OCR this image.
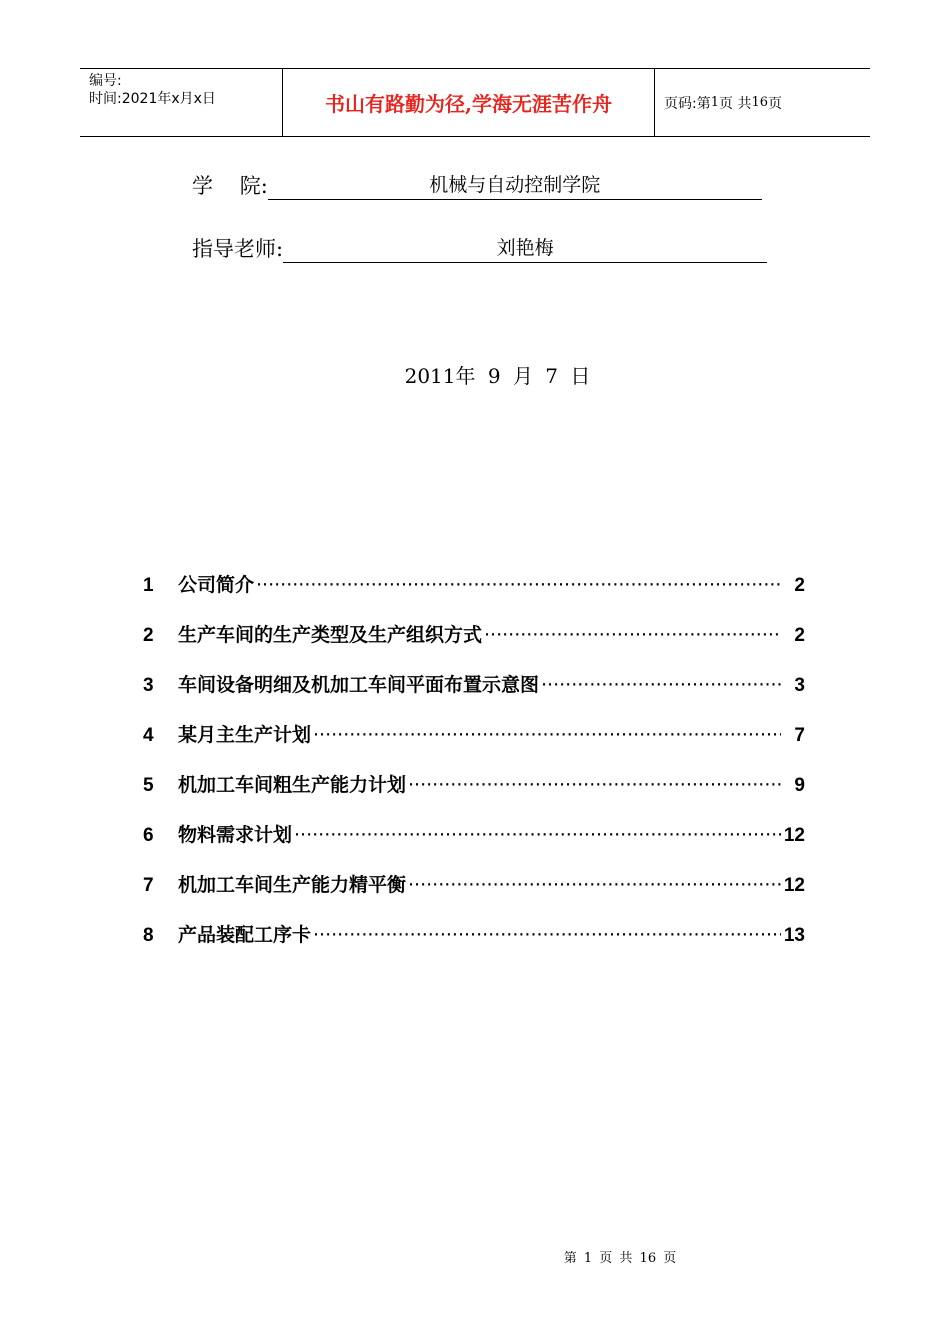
编号:
时间:2021年x月x日	书山有路勤为径,学海无涯苦作舟	页码:第 1 页 共 16 页
学    院:	机械与自动控制学院
指导老师:	刘艳梅
2011年 9 月 7 日
1	公司简介 ·····	2
2	生产车间的生产类型及生产组织方式 ·····	2
3	车间设备明细及机加工车间平面布置示意图 ·····	3
4	某月主生产计划 ·····	7
5	机加工车间粗生产能力计划 ·····	9
6	物料需求计划 ·····	12
7	机加工车间生产能力精平衡 ·····	12
8	产品装配工序卡 ·····	13
第 1 页 共 16 页
